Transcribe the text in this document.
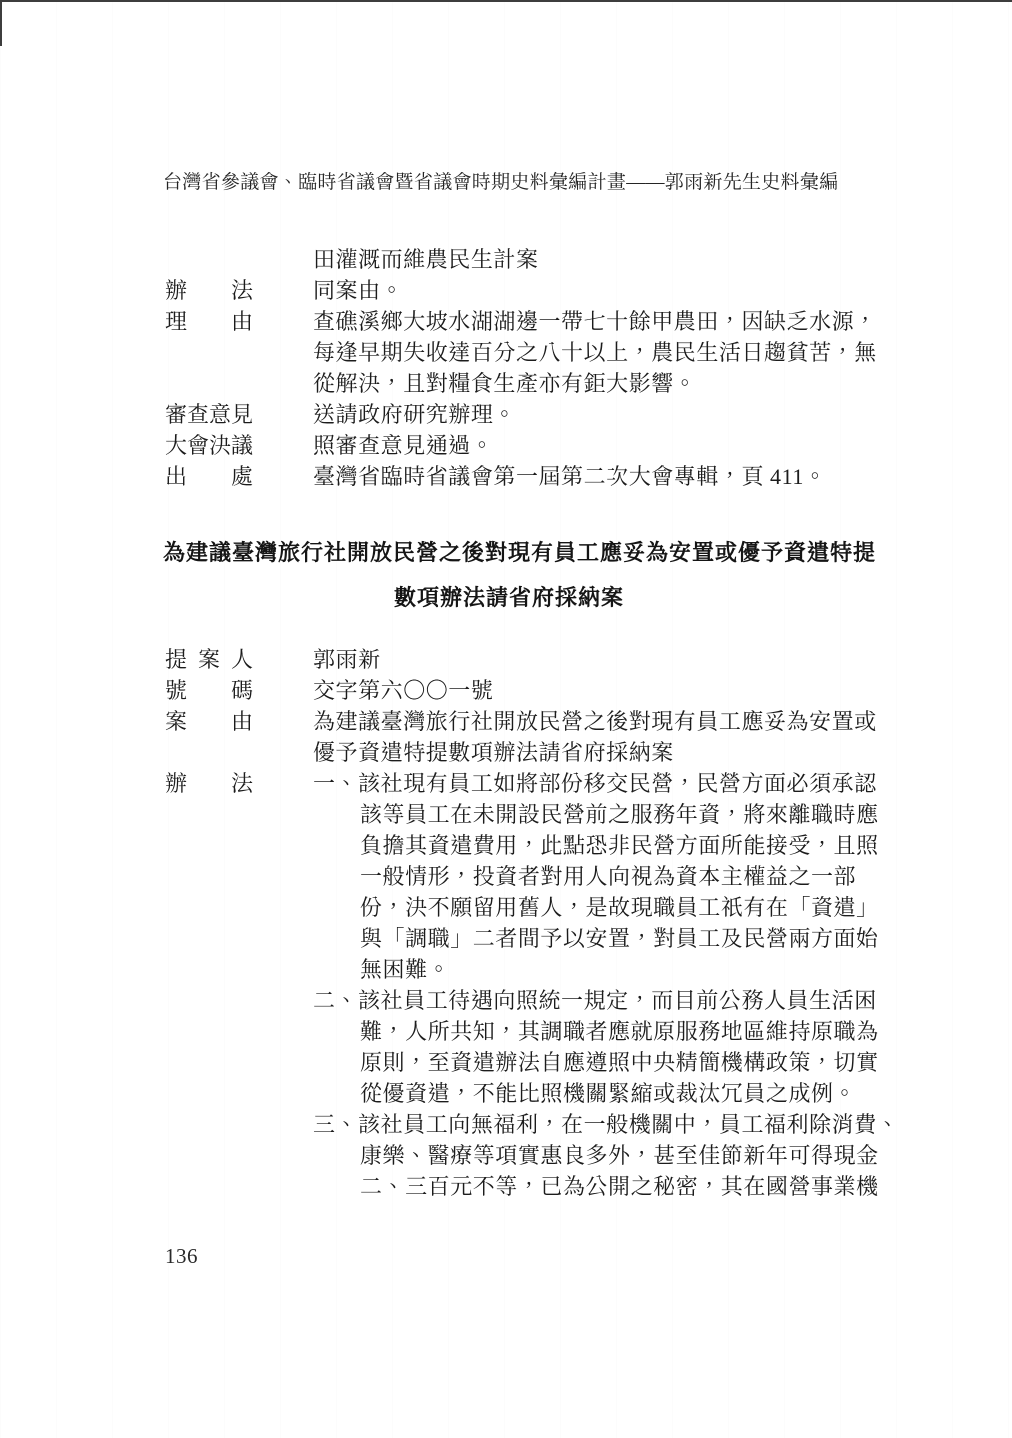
台灣省參議會、臨時省議會暨省議會時期史料彙編計畫——郭雨新先生史料彙編
田灌溉而維農民生計案
辦法	同案由。
理由	查礁溪鄉大坡水湖湖邊一帶七十餘甲農田，因缺乏水源，
每逢早期失收達百分之八十以上，農民生活日趨貧苦，無
從解決，且對糧食生產亦有鉅大影響。
審查意見	送請政府研究辦理。
大會決議	照審查意見通過。
出處	臺灣省臨時省議會第一屆第二次大會專輯，頁 411。
為建議臺灣旅行社開放民營之後對現有員工應妥為安置或優予資遣特提
數項辦法請省府採納案
提案人	郭雨新
號碼	交字第六〇〇一號
案由	為建議臺灣旅行社開放民營之後對現有員工應妥為安置或
優予資遣特提數項辦法請省府採納案
辦法	一、該社現有員工如將部份移交民營，民營方面必須承認
該等員工在未開設民營前之服務年資，將來離職時應
負擔其資遣費用，此點恐非民營方面所能接受，且照
一般情形，投資者對用人向視為資本主權益之一部
份，決不願留用舊人，是故現職員工祇有在「資遣」
與「調職」二者間予以安置，對員工及民營兩方面始
無困難。
二、該社員工待遇向照統一規定，而目前公務人員生活困
難，人所共知，其調職者應就原服務地區維持原職為
原則，至資遣辦法自應遵照中央精簡機構政策，切實
從優資遣，不能比照機關緊縮或裁汰冗員之成例。
三、該社員工向無福利，在一般機關中，員工福利除消費、
康樂、醫療等項實惠良多外，甚至佳節新年可得現金
二、三百元不等，已為公開之秘密，其在國營事業機
136
